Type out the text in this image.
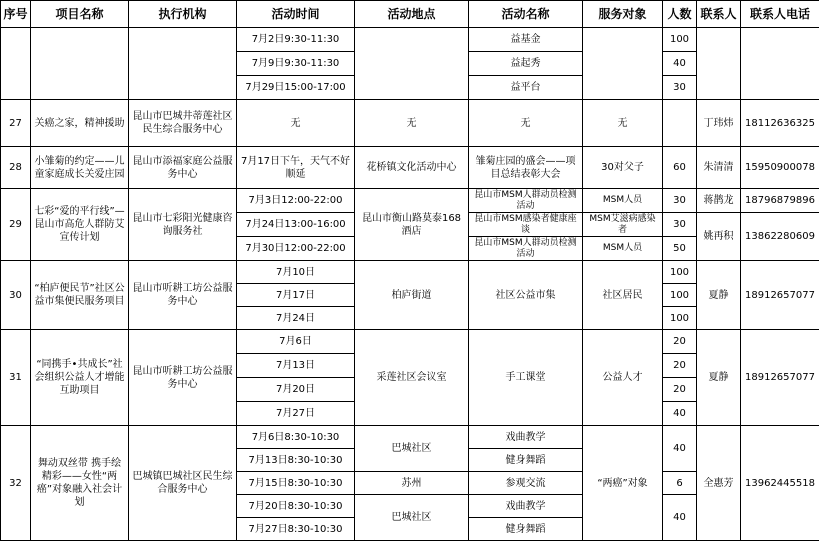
序号	项目名称	执行机构	活动时间	活动地点	活动名称	服务对象	人数	联系人	联系人电话
			7月2日9:30-11:30		益基金		100		
			7月9日9:30-11:30		益起秀		40		
			7月29日15:00-17:00		益平台		30		
27	关癌之家，精神援助	昆山市巴城井蒂莲社区民生综合服务中心	无	无	无	无		丁玮炜	18112636325
28	小雏菊的约定——儿童家庭成长关爱庄园	昆山市添福家庭公益服务中心	7月17日下午，天气不好顺延	花桥镇文化活动中心	雏菊庄园的盛会——项目总结表彰大会	30对父子	60	朱清清	15950900078
29	七彩“爱的平行线”—昆山市高危人群防艾宣传计划	昆山市七彩阳光健康咨询服务社	7月3日12:00-22:00	昆山市衡山路莫泰168酒店	昆山市MSM人群动员检测活动	MSM人员	30	蒋鹊龙	18796879896
			7月24日13:00-16:00		昆山市MSM感染者健康座谈	MSM艾滋病感染者	30	姚再积	13862280609
			7月30日12:00-22:00		昆山市MSM人群动员检测活动	MSM人员	50		
30	“柏庐便民节”社区公益市集便民服务项目	昆山市听耕工坊公益服务中心	7月10日	柏庐街道	社区公益市集	社区居民	100	夏静	18912657077
			7月17日				100		
			7月24日				100		
31	“同携手•共成长”社会组织公益人才增能互助项目	昆山市听耕工坊公益服务中心	7月6日	采莲社区会议室	手工课堂	公益人才	20	夏静	18912657077
			7月13日				20		
			7月20日				20		
			7月27日				40		
32	舞动双丝带 携手绘精彩——女性“两癌”对象融入社会计划	巴城镇巴城社区民生综合服务中心	7月6日8:30-10:30	巴城社区	戏曲教学	“两癌”对象	40	全惠芳	13962445518
			7月13日8:30-10:30		健身舞蹈				
			7月15日8:30-10:30	苏州	参观交流		6		
			7月20日8:30-10:30	巴城社区	戏曲教学		40		
			7月27日8:30-10:30		健身舞蹈				
